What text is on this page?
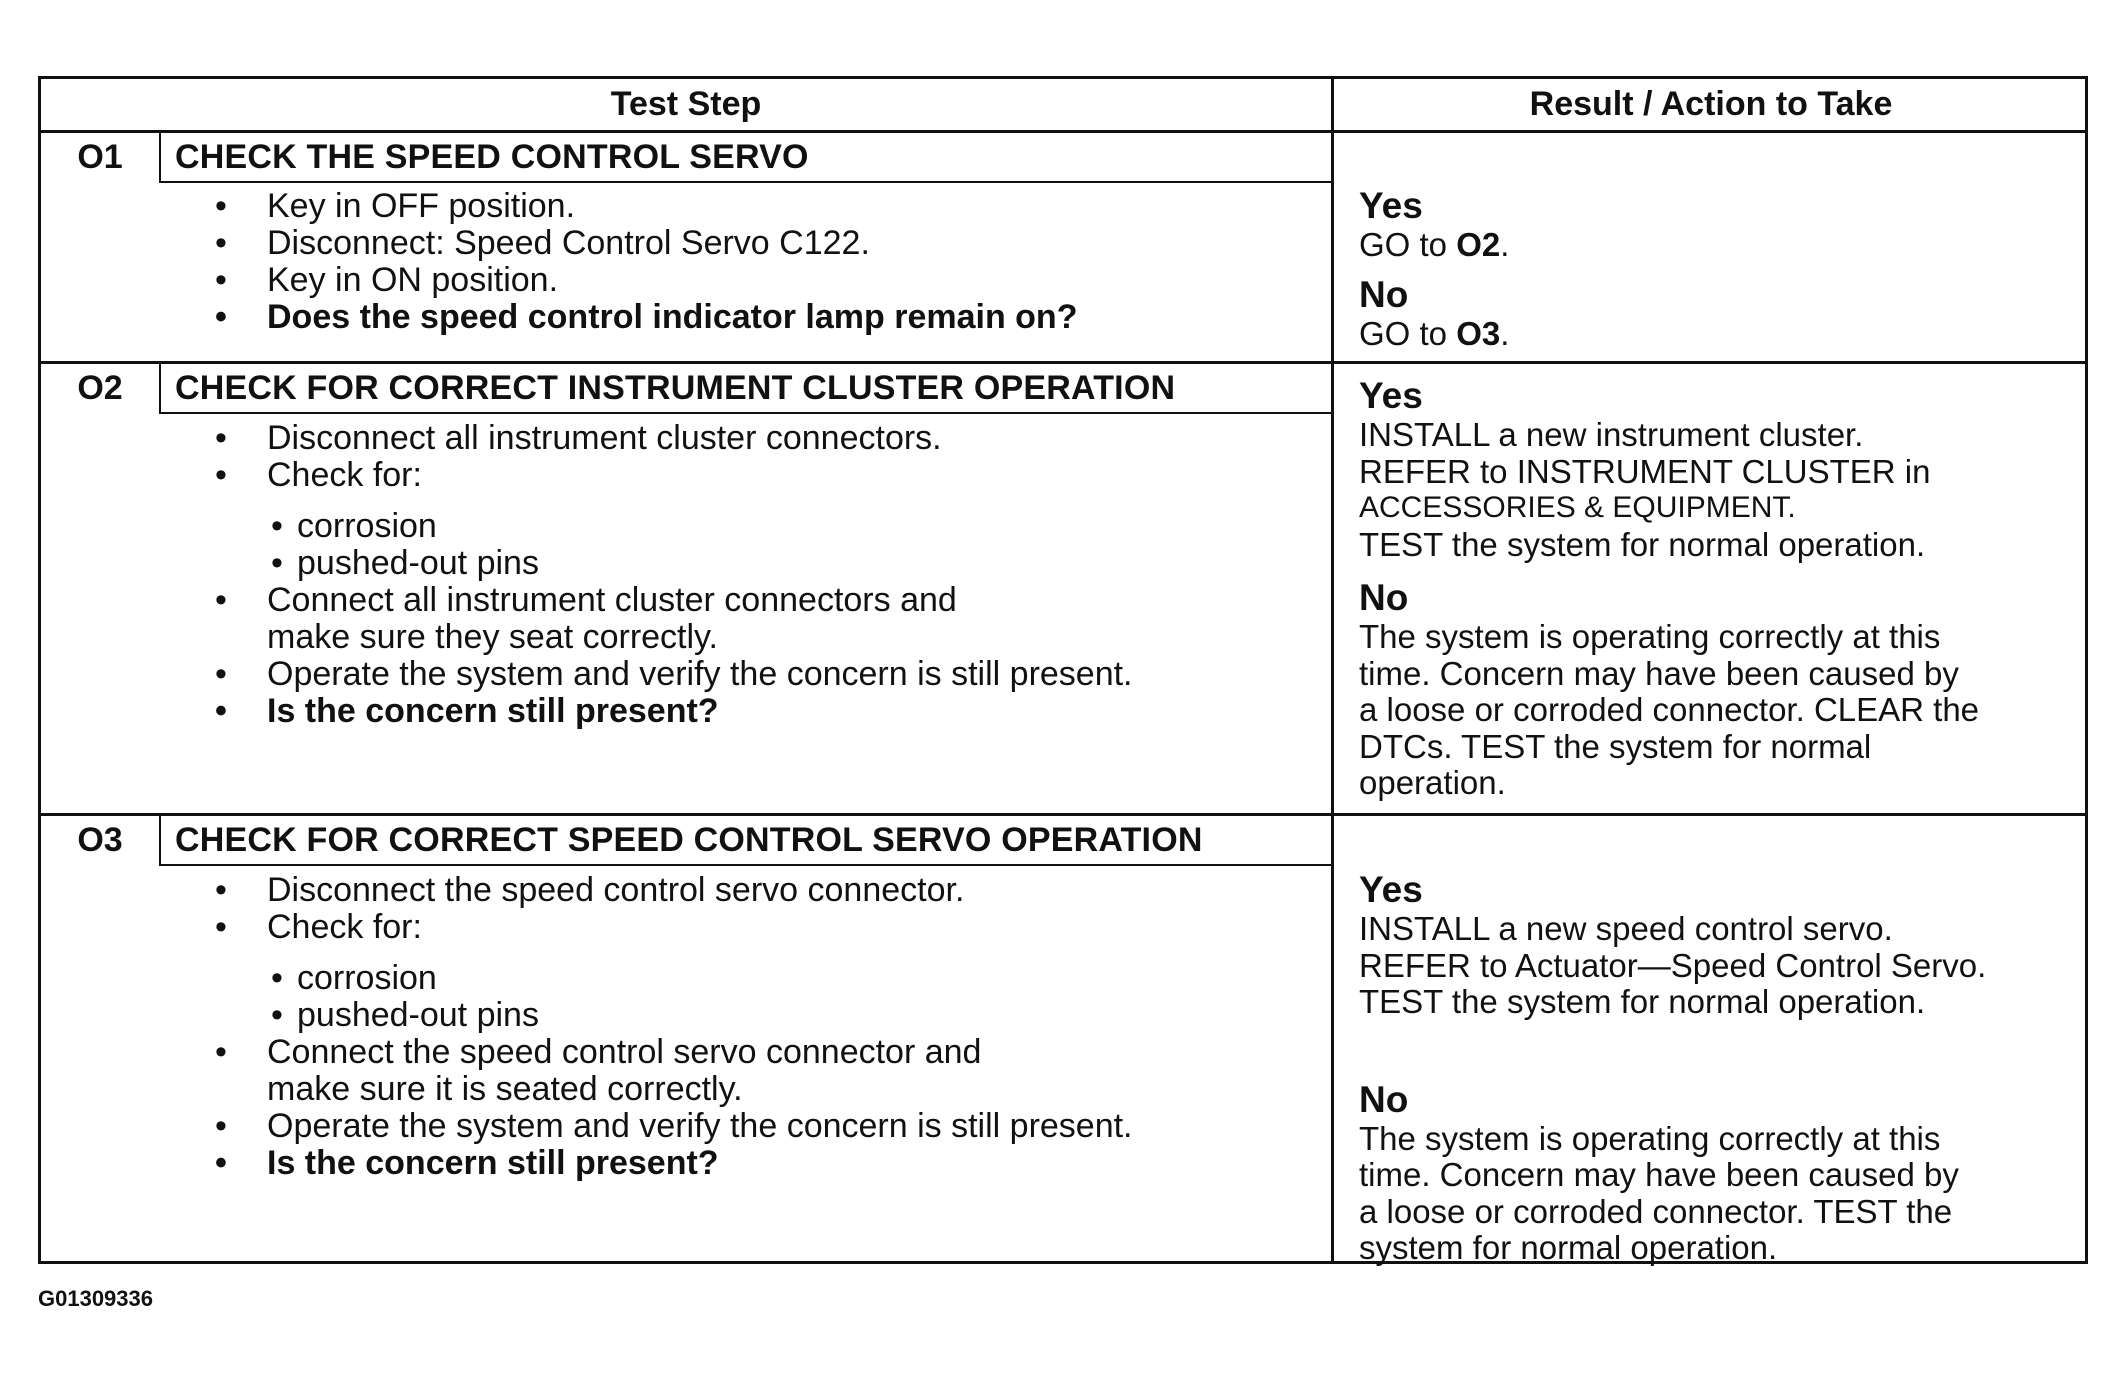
Test Step	Result / Action to Take
O1	CHECK THE SPEED CONTROL SERVO
• Key in OFF position.
• Disconnect: Speed Control Servo C122.
• Key in ON position.
• Does the speed control indicator lamp remain on?
Yes
GO to O2.
No
GO to O3.
O2	CHECK FOR CORRECT INSTRUMENT CLUSTER OPERATION
• Disconnect all instrument cluster connectors.
• Check for:
• corrosion
• pushed-out pins
• Connect all instrument cluster connectors and make sure they seat correctly.
• Operate the system and verify the concern is still present.
• Is the concern still present?
Yes
INSTALL a new instrument cluster.
REFER to INSTRUMENT CLUSTER in
ACCESSORIES & EQUIPMENT.
TEST the system for normal operation.
No
The system is operating correctly at this
time. Concern may have been caused by
a loose or corroded connector. CLEAR the
DTCs. TEST the system for normal
operation.
O3	CHECK FOR CORRECT SPEED CONTROL SERVO OPERATION
• Disconnect the speed control servo connector.
• Check for:
• corrosion
• pushed-out pins
• Connect the speed control servo connector and make sure it is seated correctly.
• Operate the system and verify the concern is still present.
• Is the concern still present?
Yes
INSTALL a new speed control servo.
REFER to Actuator—Speed Control Servo.
TEST the system for normal operation.
No
The system is operating correctly at this
time. Concern may have been caused by
a loose or corroded connector. TEST the
system for normal operation.
G01309336
